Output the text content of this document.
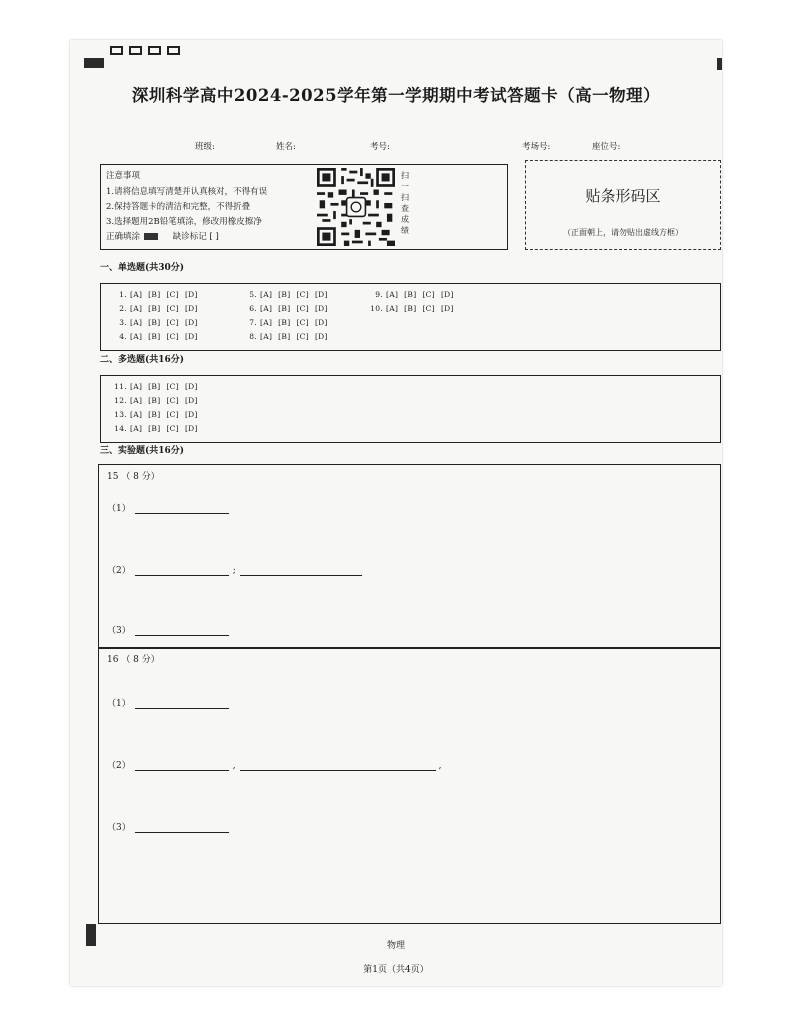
深圳科学高中2024-2025学年第一学期期中考试答题卡（高一物理）
班级:	姓名:	考号:	考场号:	座位号:
注意事项
1.请将信息填写清楚并认真核对，不得有误
2.保持答题卡的清洁和完整，不得折叠
3.选择题用2B铅笔填涂，修改用橡皮擦净
正确填涂	缺诊标记 [ ]
扫
一
扫
查
成
绩
贴条形码区
（正面朝上，请勿贴出虚线方框）
一、单选题(共30分)
1. [A] [B] [C] [D]
2. [A] [B] [C] [D]
3. [A] [B] [C] [D]
4. [A] [B] [C] [D]
5. [A] [B] [C] [D]
6. [A] [B] [C] [D]
7. [A] [B] [C] [D]
8. [A] [B] [C] [D]
9. [A] [B] [C] [D]
10. [A] [B] [C] [D]
二、多选题(共16分)
11. [A] [B] [C] [D]
12. [A] [B] [C] [D]
13. [A] [B] [C] [D]
14. [A] [B] [C] [D]
三、实验题(共16分)
15 （ 8 分）
（1）
（2）	;
（3）
16 （ 8 分）
（1）
（2）	,	,
（3）
物理
第1页（共4页）
